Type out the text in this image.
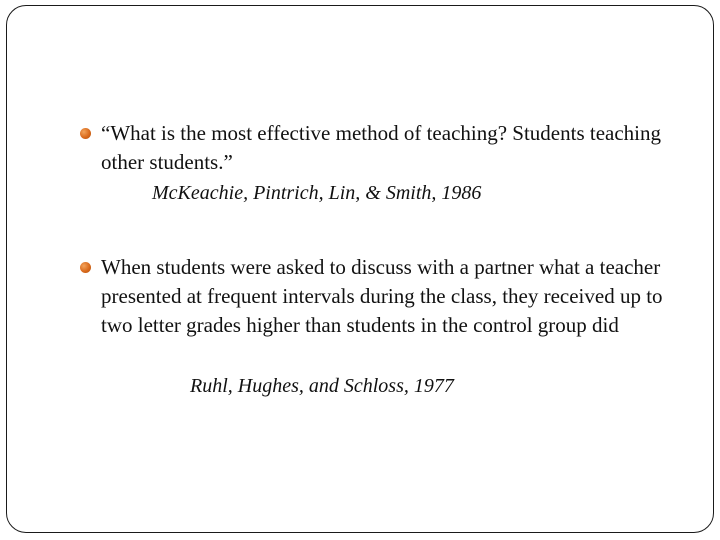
“What is the most effective method of teaching? Students teaching other students.”

McKeachie, Pintrich, Lin, & Smith, 1986

When students were asked to discuss with a partner what a teacher presented at frequent intervals during the class, they received up to two letter grades higher than students in the control group did

Ruhl, Hughes, and Schloss, 1977
